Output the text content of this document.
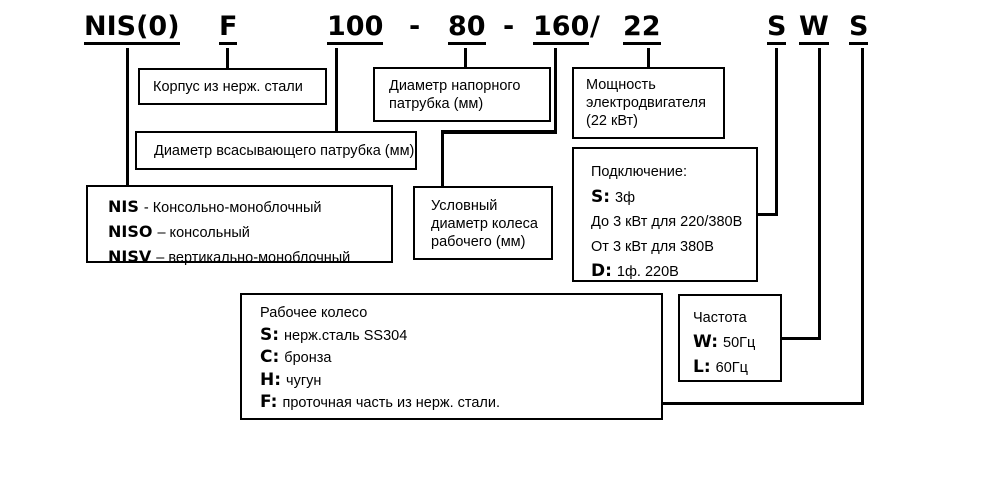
NIS(0) F	100 - 80 - 160 / 22	S W S
Корпус из нерж. стали	Диаметр напорного патрубка (мм)
Мощность электродвигателя (22 кВт)
Диаметр всасывающего патрубка (мм)
NIS - Консольно-моноблочный
NISO – консольный
NISV – вертикально-моноблочный
Условный диаметр колеса рабочего (мм)
Подключение:
S: 3ф
До 3 кВт для 220/380В
От 3 кВт для 380В
D: 1ф. 220В
Рабочее колесо
S: нерж.сталь SS304
C: бронза
H: чугун
F: проточная часть из нерж. стали.
Частота
W: 50Гц
L: 60Гц
